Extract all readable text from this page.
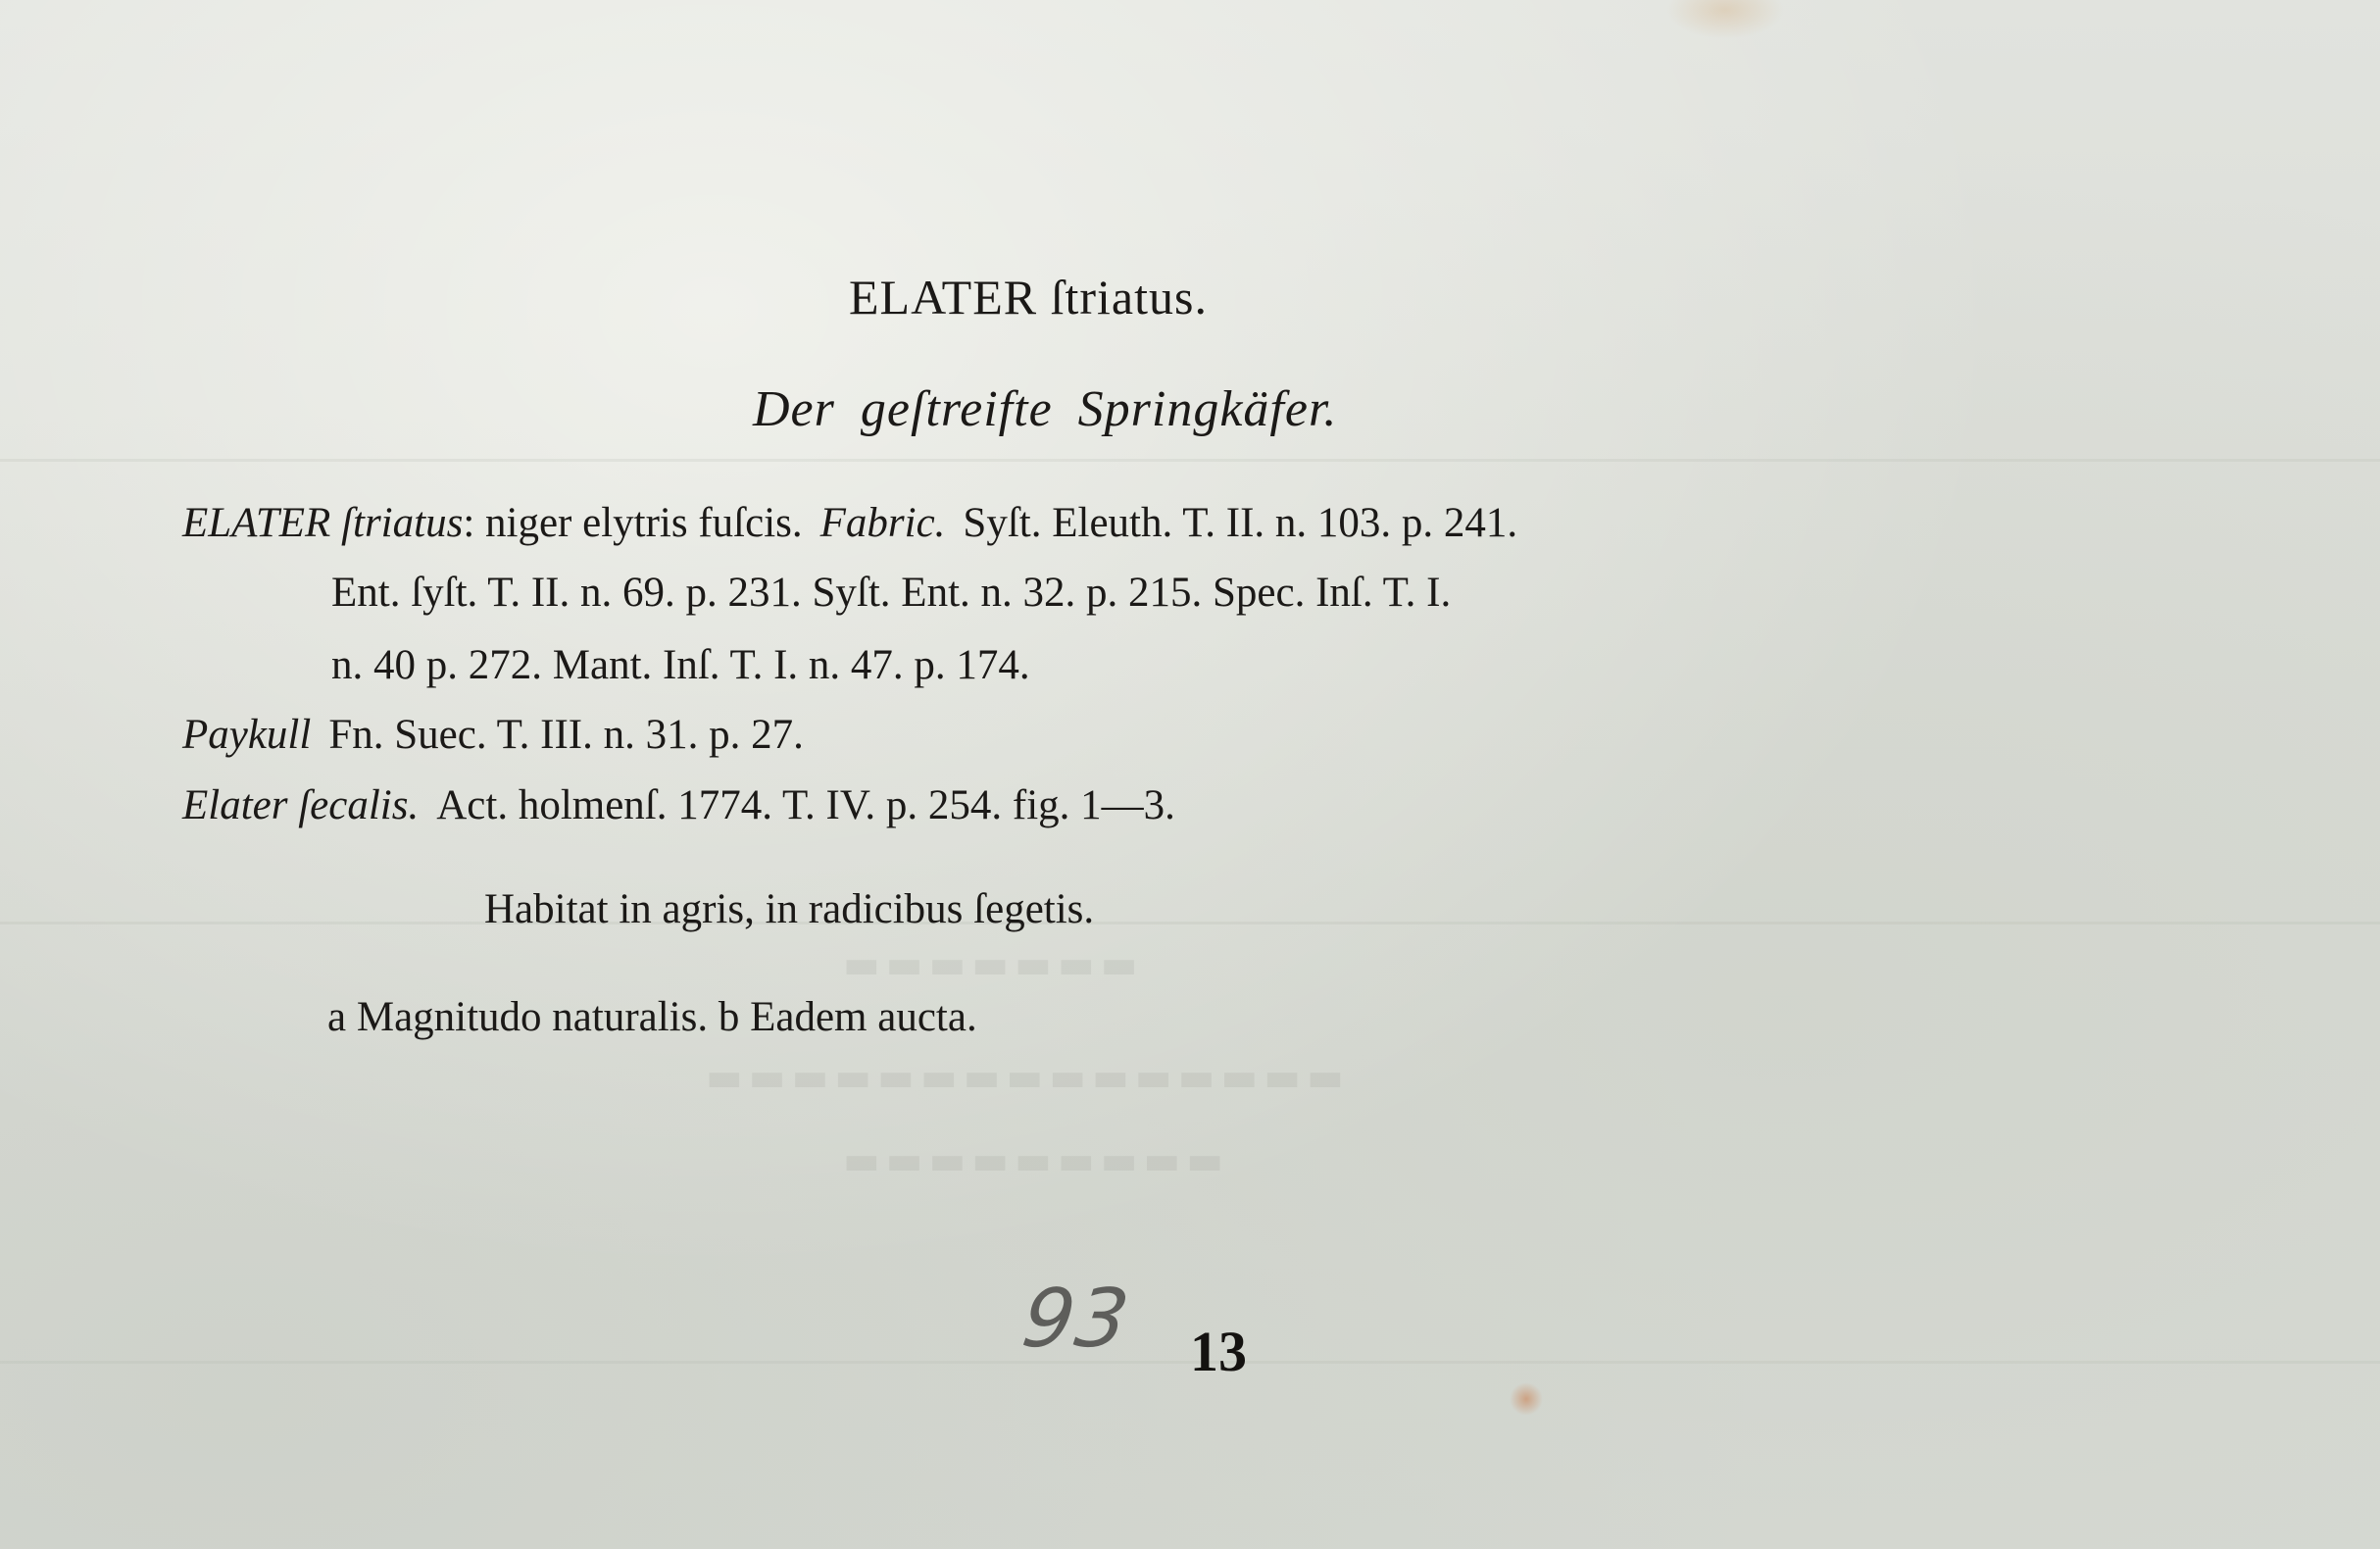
▬▬▬▬▬▬▬
▬▬▬▬▬▬▬▬▬▬▬▬▬▬▬
▬▬▬▬▬▬▬▬▬
ELATER ſtriatus.
Der geſtreifte Springkäfer.
ELATER ſtriatus: niger elytris fuſcis. Fabric. Syſt. Eleuth. T. II. n. 103. p. 241.
Ent. ſyſt. T. II. n. 69. p. 231. Syſt. Ent. n. 32. p. 215. Spec. Inſ. T. I.
n. 40 p. 272. Mant. Inſ. T. I. n. 47. p. 174.
Paykull Fn. Suec. T. III. n. 31. p. 27.
Elater ſecalis. Act. holmenſ. 1774. T. IV. p. 254. fig. 1—3.
Habitat in agris, in radicibus ſegetis.
a Magnitudo naturalis. b Eadem aucta.
93 13
